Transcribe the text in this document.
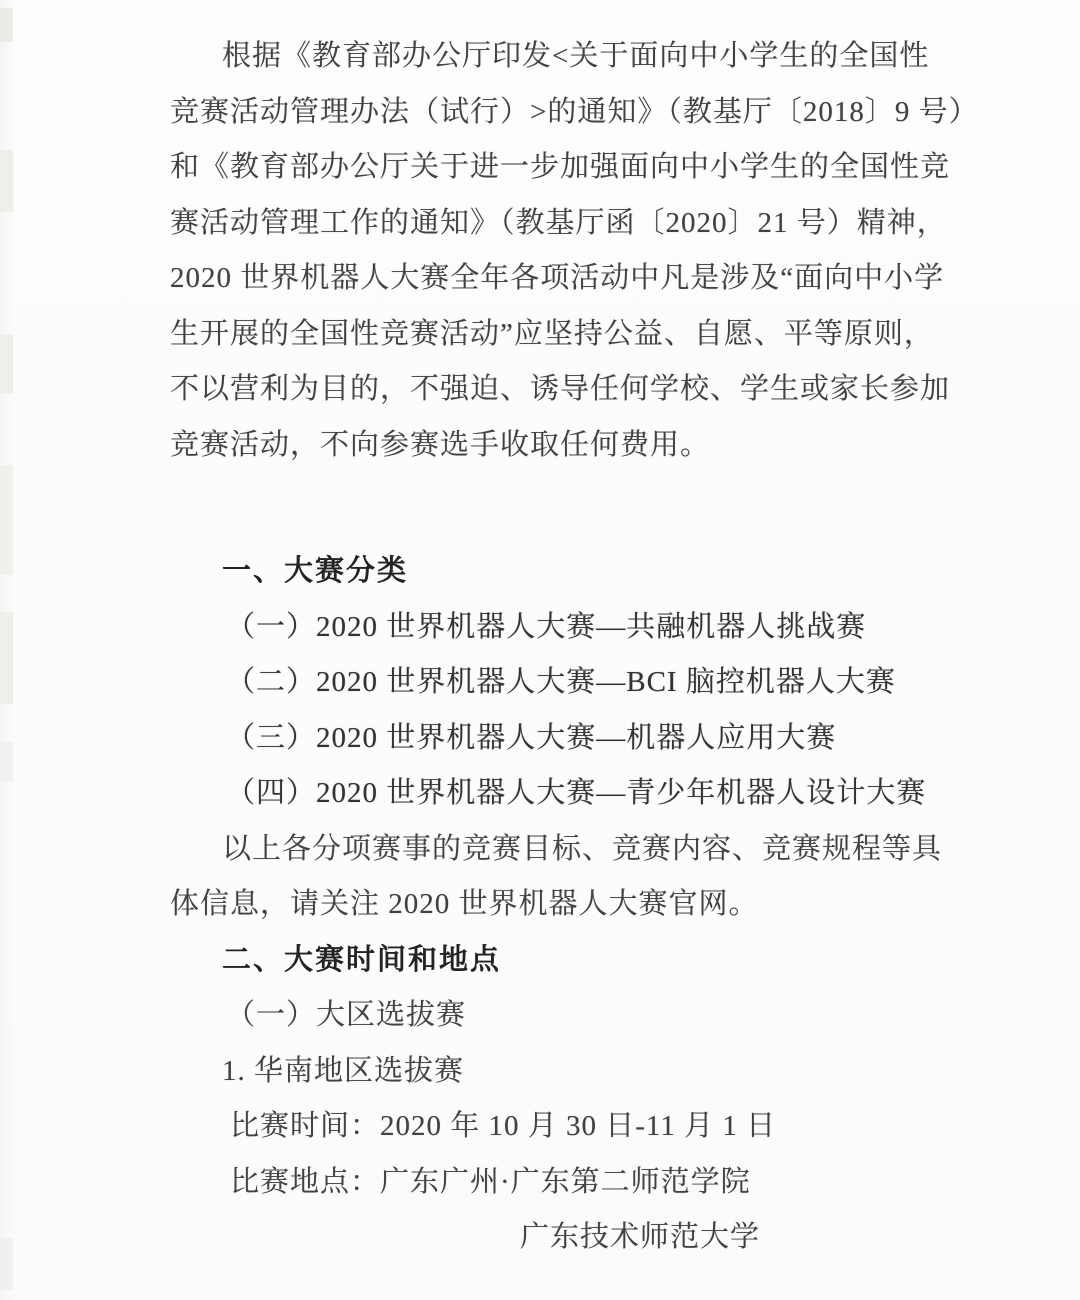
根据《教育部办公厅印发<关于面向中小学生的全国性
竞赛活动管理办法（试行）>的通知》（教基厅〔2018〕9 号）
和《教育部办公厅关于进一步加强面向中小学生的全国性竞
赛活动管理工作的通知》（教基厅函〔2020〕21 号）精神，
2020 世界机器人大赛全年各项活动中凡是涉及“面向中小学
生开展的全国性竞赛活动”应坚持公益、自愿、平等原则，
不以营利为目的，不强迫、诱导任何学校、学生或家长参加
竞赛活动，不向参赛选手收取任何费用。
一、大赛分类
（一）2020 世界机器人大赛—共融机器人挑战赛
（二）2020 世界机器人大赛—BCI 脑控机器人大赛
（三）2020 世界机器人大赛—机器人应用大赛
（四）2020 世界机器人大赛—青少年机器人设计大赛
以上各分项赛事的竞赛目标、竞赛内容、竞赛规程等具
体信息，请关注 2020 世界机器人大赛官网。
二、大赛时间和地点
（一）大区选拔赛
1. 华南地区选拔赛
比赛时间：2020 年 10 月 30 日-11 月 1 日
比赛地点：广东广州·广东第二师范学院
广东技术师范大学
